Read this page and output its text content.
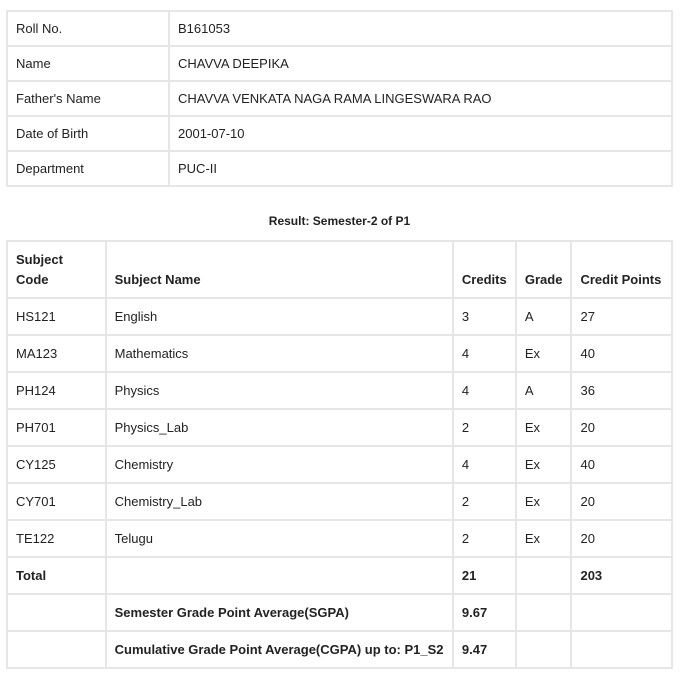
Roll No.	B161053
Name	CHAVVA DEEPIKA
Father's Name	CHAVVA VENKATA NAGA RAMA LINGESWARA RAO
Date of Birth	2001-07-10
Department	PUC-II
Result: Semester-2 of P1
Subject
Code	Subject Name	Credits	Grade	Credit Points
HS121	English	3	A	27
MA123	Mathematics	4	Ex	40
PH124	Physics	4	A	36
PH701	Physics_Lab	2	Ex	20
CY125	Chemistry	4	Ex	40
CY701	Chemistry_Lab	2	Ex	20
TE122	Telugu	2	Ex	20
Total		21		203
	Semester Grade Point Average(SGPA)	9.67		
	Cumulative Grade Point Average(CGPA) up to: P1_S2	9.47		
